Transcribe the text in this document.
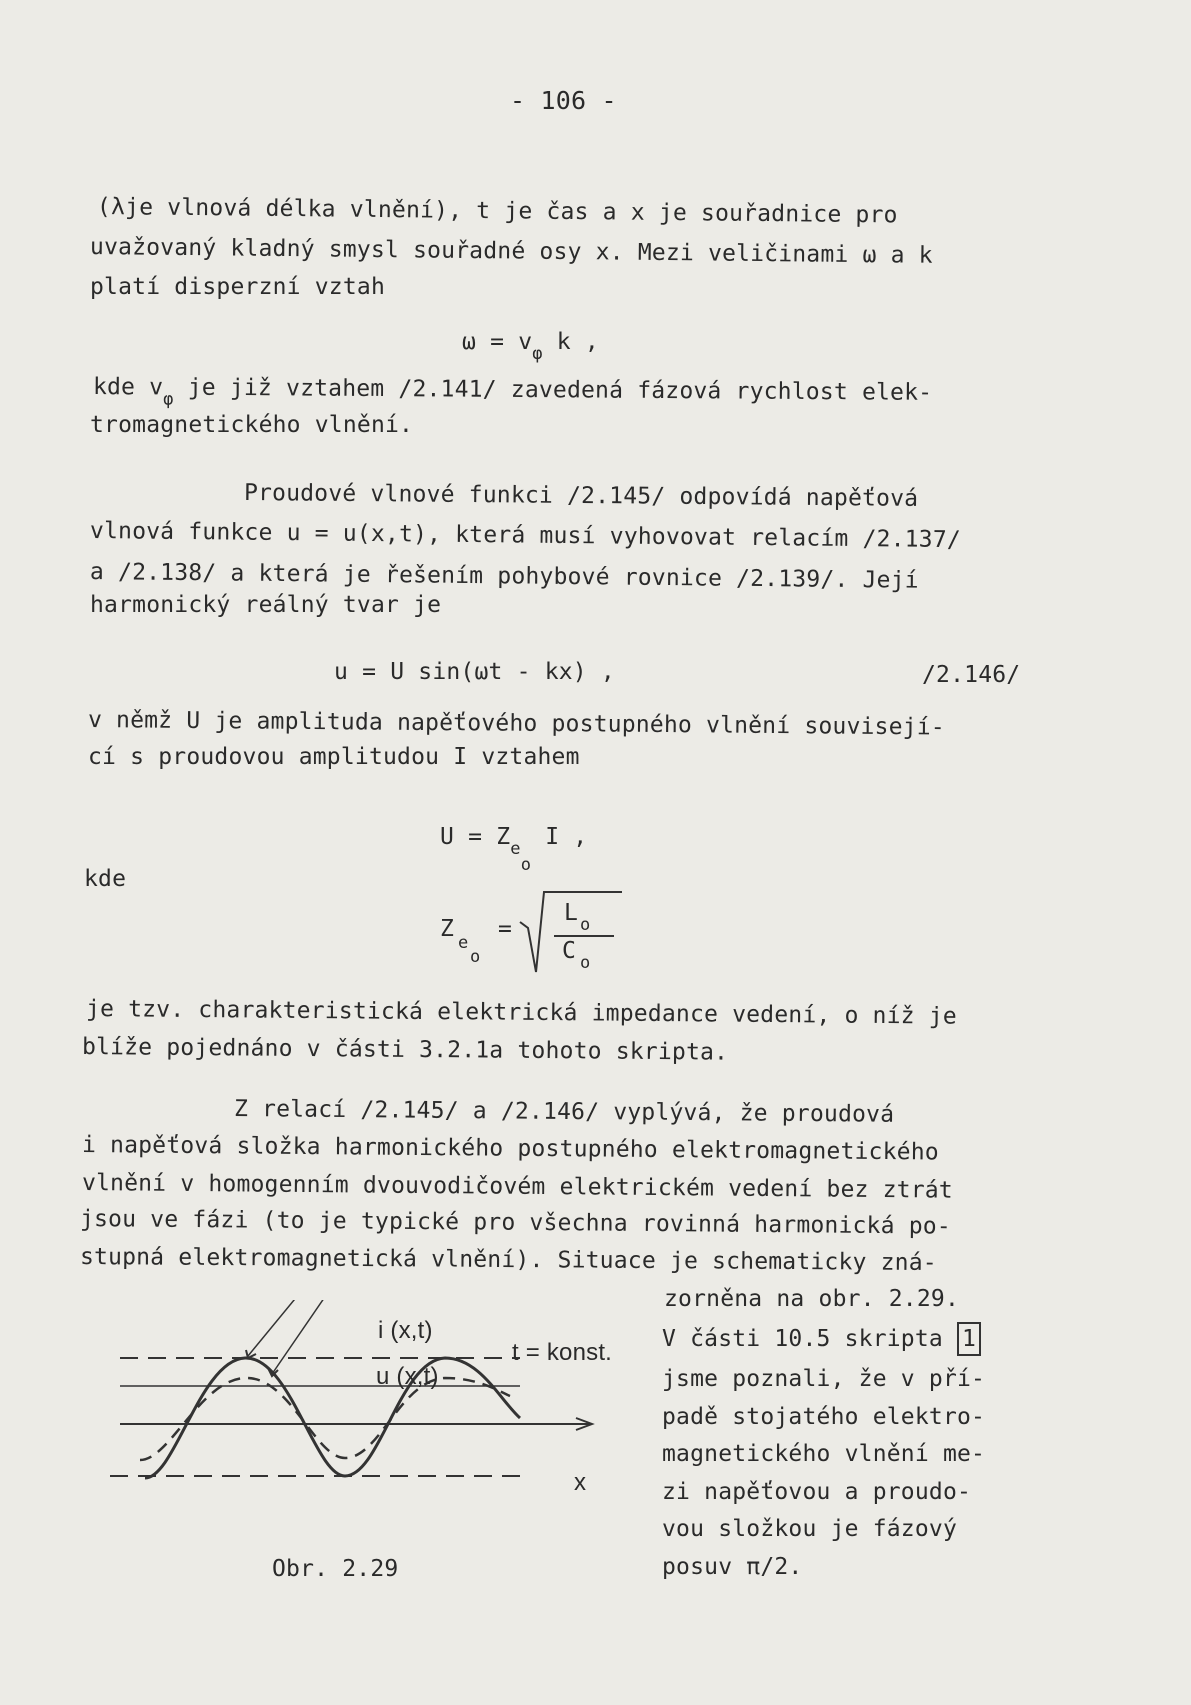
- 106 -
(λje vlnová délka vlnění), t je čas a x je souřadnice pro
uvažovaný kladný smysl souřadné osy x. Mezi veličinami ω a k
platí disperzní vztah
$\omega = v_\varphi$ k ,
kde $v_\varphi$ je již vztahem /2.141/ zavedená fázová rychlost elek-
tromagnetického vlnění.
Proudové vlnové funkci /2.145/ odpovídá napěťová
vlnová funkce u = u(x,t), která musí vyhovovat relacím /2.137/
a /2.138/ a která je řešením pohybové rovnice /2.139/. Její
harmonický reálný tvar je
u = U sin(ωt - kx) ,	/2.146/
v němž U je amplituda napěťového postupného vlnění souvisejí-
cí s proudovou amplitudou I vztahem
$U = Z_{eo}$ I ,
kde
Z
e
o
=
L o
C o
je tzv. charakteristická elektrická impedance vedení, o níž je
blíže pojednáno v části 3.2.1a tohoto skripta.
Z relací /2.145/ a /2.146/ vyplývá, že proudová
i napěťová složka harmonického postupného elektromagnetického
vlnění v homogenním dvouvodičovém elektrickém vedení bez ztrát
jsou ve fázi (to je typické pro všechna rovinná harmonická po-
stupná elektromagnetická vlnění). Situace je schematicky zná-
zorněna na obr. 2.29.
V části 10.5 skripta 1
jsme poznali, že v pří-
padě stojatého elektro-
magnetického vlnění me-
zi napěťovou a proudo-
vou složkou je fázový
posuv π/2.
i (x,t)
u (x,t)
t = konst.
x
Obr. 2.29
